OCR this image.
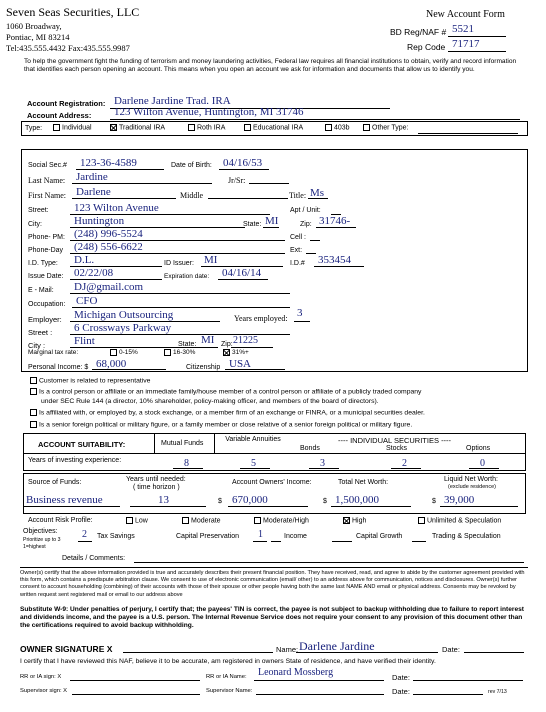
Seven Seas Securities, LLC
1060 Broadway,
Pontiac, MI 83214
Tel:435.555.4432 Fax:435.555.9987
New Account Form
BD Reg/NAF # 5521
Rep Code 71717
To help the government fight the funding of terrorism and money laundering activities, Federal law requires all financial institutions to obtain, verify and record information that identifies each person opening an account. This means when you open an account we ask for information and documents that allow us to identify you.
Account Registration: Darlene Jardine Trad. IRA
Account Address: 123 Wilton Avenue, Huntington, MI 31746
Type:	Individual	Traditional IRA	Roth IRA	Educational IRA	403b	Other Type:
Social Sec.# 123-36-4589	Date of Birth: 04/16/53
Last Name: Jardine	Jr/Sr:
First Name: Darlene	Middle	Title: Ms
Street: 123 Wilton Avenue	Apt / Unit:
City:	Huntington	State: MI	Zip: 31746-
Phone- PM: (248) 996-5524	Cell :
Phone-Day (248) 556-6622	Ext:
I.D. Type: D.L.	ID Issuer: MI	I.D.# 353454
Issue Date: 02/22/08	Expiration date: 04/16/14
E - Mail: DJ@gmail.com
Occupation: CFO
Employer: Michigan Outsourcing	Years employed: 3
Street : 6 Crossways Parkway
City :	Flint	State: MI Zip: 21225
Marginal tax rate:	0-15%	16-30%	31%+
Personal Income: $ 68,000	Citizenship USA
Customer is related to representative
Is a control person or affiliate or an immediate family/house member of a control person or affiliate of a publicly traded company
under SEC Rule 144 (a director, 10% shareholder, policy-making officer, and members of the board of directors).
Is affiliated with, or employed by, a stock exchange, or a member firm of an exchange or FINRA, or a municipal securities dealer.
Is a senior foreign political or military figure, or a family member or close relative of a senior foreign political or military figure.
ACCOUNT SUITABILITY:	Mutual Funds
Variable Annuities	---- INDIVIDUAL SECURITIES ----
Bonds	Stocks	Options
Years of investing experience:	8	5	3	2	0
Source of Funds:	Years until needed:
( time horizon )
Account Owners' Income:	Total Net Worth:	Liquid Net Worth:
(exclude residence)
Business revenue	13	$ 670,000	$ 1,500,000	$ 39,000
Account Risk Profile:	Low	Moderate	Moderate/High	High	Unlimited & Speculation
Objectives:
Prioritize up to 3
1=highest
2 Tax Savings	Capital Preservation 1	Income	Capital Growth	Trading & Speculation
Details / Comments:
Owner(s) certify that the above information provided is true and accurately describes their present financial position. They have received, read, and agree to abide by the customer agreement provided with this form, which contains a predispute arbitration clause. We consent to use of electronic communication (email/ other) to an address above for communication, notices and disclosures. Owner(s) further consent to account householding (combining) of their accounts with those of their spouse or other people having both the same last NAME AND email or physical address. Consents may be revoked by written request sent registered mail or email to our address above
Substitute W-9: Under penalties of perjury, I certify that; the payees' TIN is correct, the payee is not subject to backup withholding due to failure to report interest and dividends income, and the payee is a U.S. person. The Internal Revenue Service does not require your consent to any provision of this document other than the certifications required to avoid backup withholding.
OWNER SIGNATURE X	Name: Darlene Jardine	Date:
I certify that I have reviewed this NAF, believe it to be accurate, am registered in owners State of residence, and have verified their identity.
RR or IA sign: X	RR or IA Name: Leonard Mossberg	Date:
Supervisor sign: X	Supervisor Name:	Date:	rev 7/13
